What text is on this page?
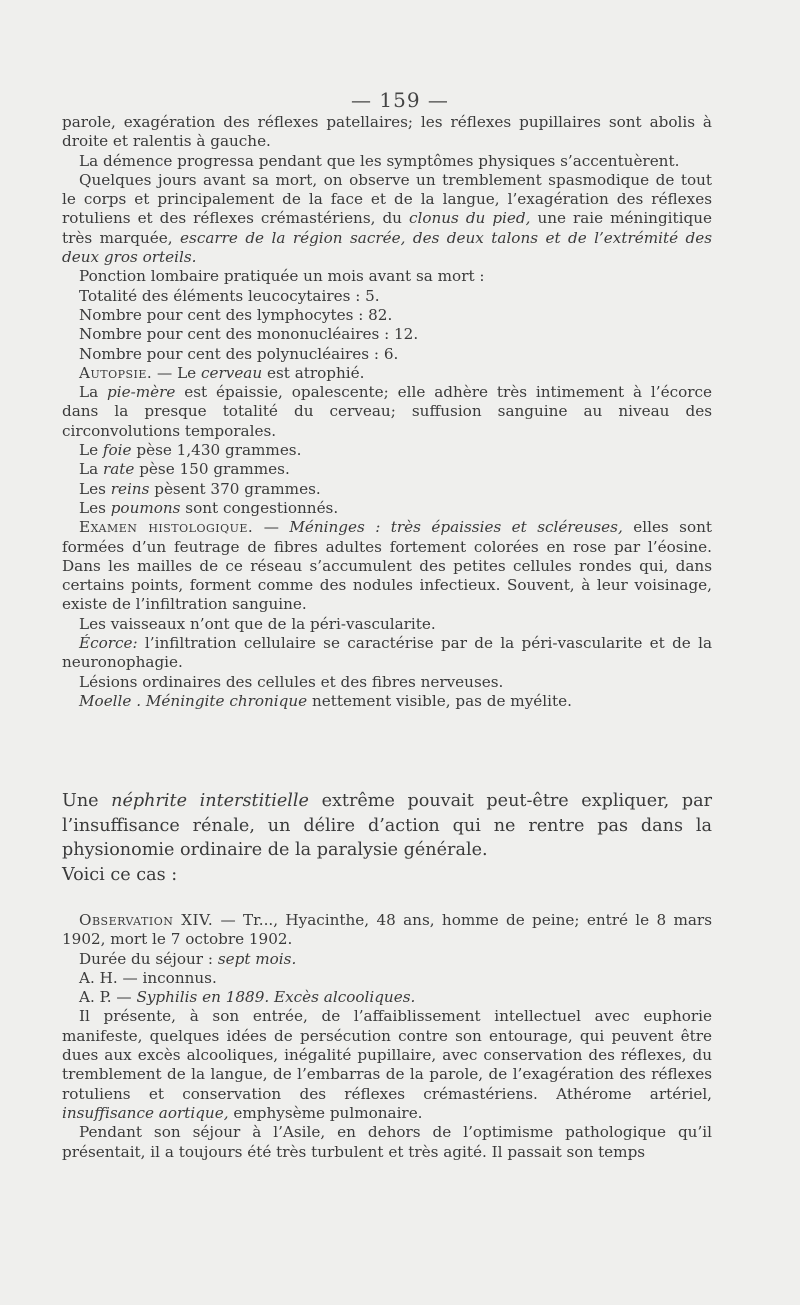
— 159 —

parole, exagération des réflexes patellaires; les réflexes pupillaires sont abolis à droite et ralentis à gauche.

La démence progressa pendant que les symptômes physiques s’accentuèrent.

Quelques jours avant sa mort, on observe un tremblement spasmodique de tout le corps et principalement de la face et de la langue, l’exagération des réflexes rotuliens et des réflexes crémastériens, du clonus du pied, une raie méningitique très marquée, escarre de la région sacrée, des deux talons et de l’extrémité des deux gros orteils.

Ponction lombaire pratiquée un mois avant sa mort :

Totalité des éléments leucocytaires : 5.

Nombre pour cent des lymphocytes : 82.

Nombre pour cent des mononucléaires : 12.

Nombre pour cent des polynucléaires : 6.

Autopsie. — Le cerveau est atrophié.

La pie-mère est épaissie, opalescente; elle adhère très intimement à l’écorce dans la presque totalité du cerveau; suffusion sanguine au niveau des circonvolutions temporales.

Le foie pèse 1,430 grammes.

La rate pèse 150 grammes.

Les reins pèsent 370 grammes.

Les poumons sont congestionnés.

Examen histologique. — Méninges : très épaissies et scléreuses, elles sont formées d’un feutrage de fibres adultes fortement colorées en rose par l’éosine. Dans les mailles de ce réseau s’accumulent des petites cellules rondes qui, dans certains points, forment comme des nodules infectieux. Souvent, à leur voisinage, existe de l’infiltration sanguine.

Les vaisseaux n’ont que de la péri-vascularite.

Écorce: l’infiltration cellulaire se caractérise par de la péri-vascularite et de la neuronophagie.

Lésions ordinaires des cellules et des fibres nerveuses.

Moelle . Méningite chronique nettement visible, pas de myélite.

Une néphrite interstitielle extrême pouvait peut-être expliquer, par l’insuffisance rénale, un délire d’action qui ne rentre pas dans la physionomie ordinaire de la paralysie générale.

Voici ce cas :

Observation XIV. — Tr..., Hyacinthe, 48 ans, homme de peine; entré le 8 mars 1902, mort le 7 octobre 1902.

Durée du séjour : sept mois.

A. H. — inconnus.

A. P. — Syphilis en 1889. Excès alcooliques.

Il présente, à son entrée, de l’affaiblissement intellectuel avec euphorie manifeste, quelques idées de persécution contre son entourage, qui peuvent être dues aux excès alcooliques, inégalité pupillaire, avec conservation des réflexes, du tremblement de la langue, de l’embarras de la parole, de l’exagération des réflexes rotuliens et conservation des réflexes crémastériens. Athérome artériel, insuffisance aortique, emphysème pulmonaire.

Pendant son séjour à l’Asile, en dehors de l’optimisme pathologique qu’il présentait, il a toujours été très turbulent et très agité. Il passait son temps
